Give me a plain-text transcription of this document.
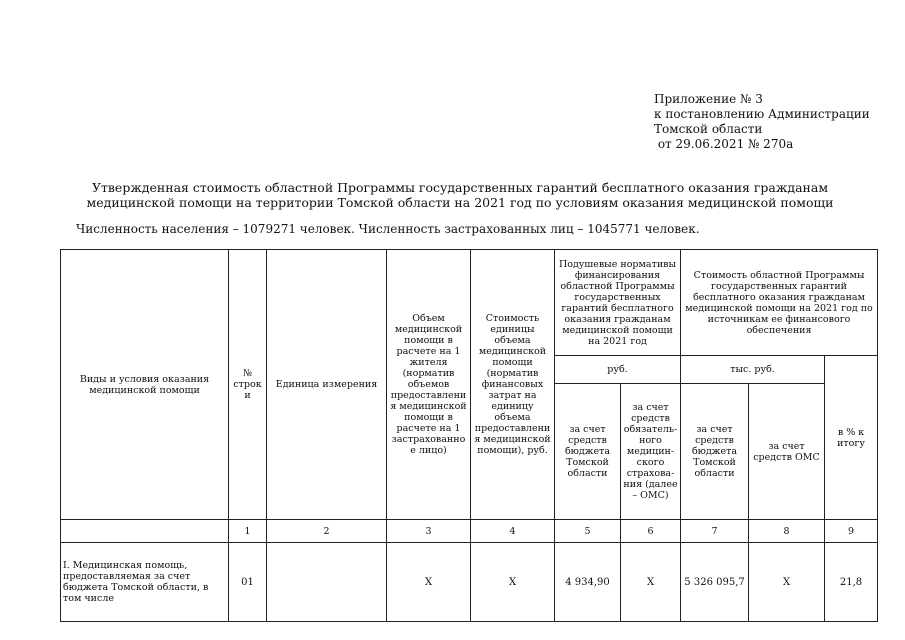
Приложение № 3
к постановлению Администрации
Томской области
от 29.06.2021 № 270а
Утвержденная стоимость областной Программы государственных гарантий бесплатного оказания гражданам
медицинской помощи на территории Томской области на 2021 год по условиям оказания медицинской помощи
Численность населения – 1079271 человек. Численность застрахованных лиц – 1045771 человек.
Виды и условия оказания медицинской помощи	№ строки	Единица измерения	Объем медицинской помощи в расчете на 1 жителя (норматив объемов предоставления медицинской помощи в расчете на 1 застрахованное лицо)	Стоимость единицы объема медицинской помощи (норматив финансовых затрат на единицу объема предоставления медицинской помощи), руб.	Подушевые нормативы финансирования областной Программы государственных гарантий бесплатного оказания гражданам медицинской помощи на 2021 год		Стоимость областной Программы государственных гарантий бесплатного оказания гражданам медицинской помощи на 2021 год по источникам ее финансового обеспечения		
					руб.		тыс. руб.		в % к итогу
					за счет средств бюджета Томской области	за счет средств обязатель-ного медицин-ского страхова-ния (далее – ОМС)	за счет средств бюджета Томской области	за счет средств ОМС	
	1	2	3	4	5	6	7	8	9
I. Медицинская помощь, предоставляемая за счет бюджета Томской области, в том числе	01		X	X	4 934,90	X	5 326 095,7	X	21,8
